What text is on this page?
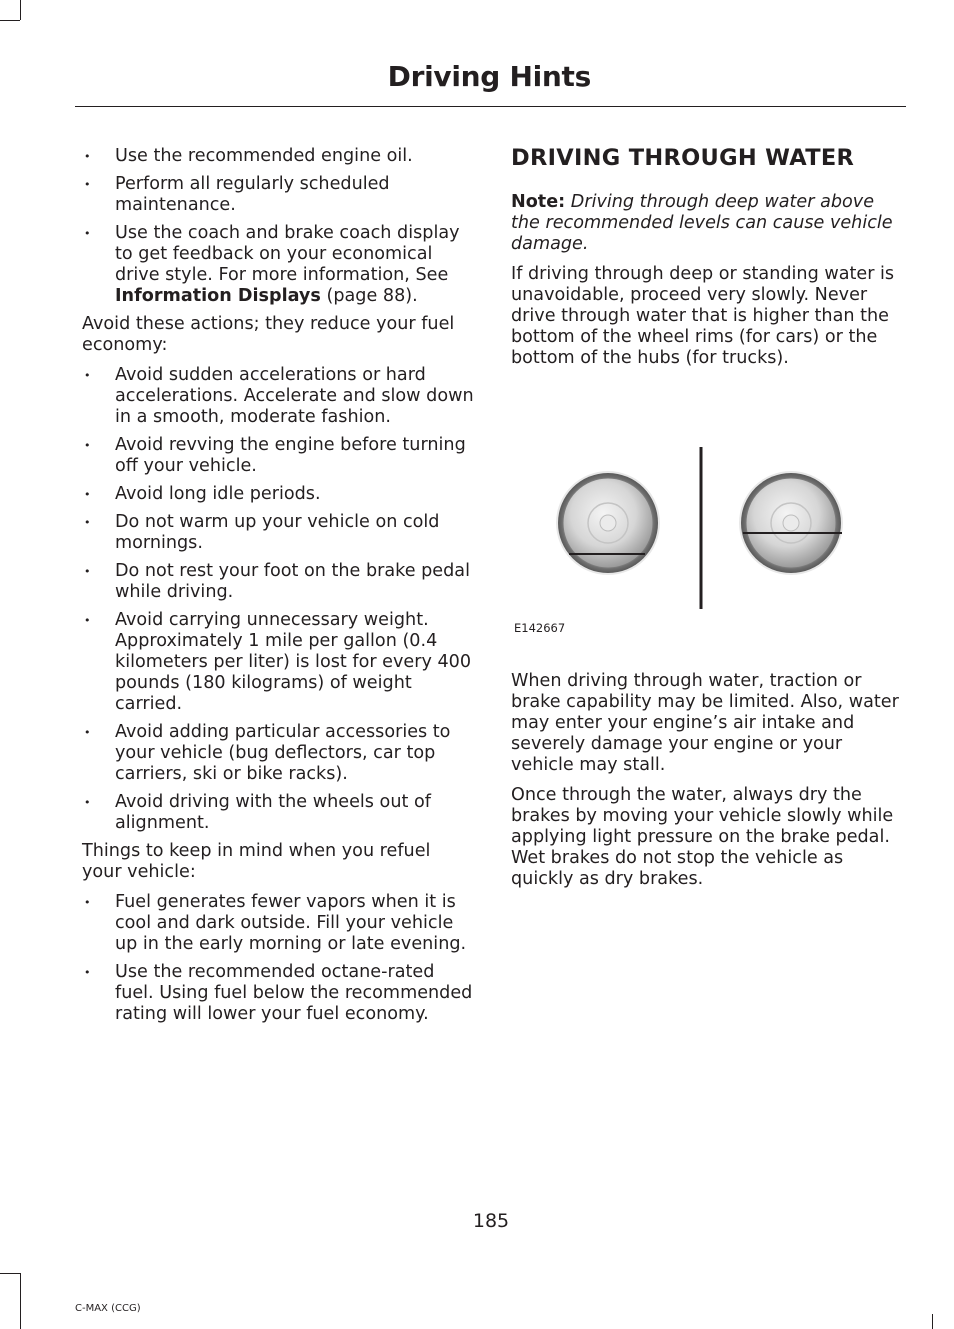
Driving Hints
• Use the recommended engine oil.
• Perform all regularly scheduled maintenance.
• Use the coach and brake coach display to get feedback on your economical drive style. For more information, See Information Displays (page 88).

Avoid these actions; they reduce your fuel economy:

• Avoid sudden accelerations or hard accelerations. Accelerate and slow down in a smooth, moderate fashion.
• Avoid revving the engine before turning off your vehicle.
• Avoid long idle periods.
• Do not warm up your vehicle on cold mornings.
• Do not rest your foot on the brake pedal while driving.
• Avoid carrying unnecessary weight. Approximately 1 mile per gallon (0.4 kilometers per liter) is lost for every 400 pounds (180 kilograms) of weight carried.
• Avoid adding particular accessories to your vehicle (bug deflectors, car top carriers, ski or bike racks).
• Avoid driving with the wheels out of alignment.

Things to keep in mind when you refuel your vehicle:

• Fuel generates fewer vapors when it is cool and dark outside. Fill your vehicle up in the early morning or late evening.
• Use the recommended octane-rated fuel. Using fuel below the recommended rating will lower your fuel economy.
DRIVING THROUGH WATER

Note: Driving through deep water above the recommended levels can cause vehicle damage.

If driving through deep or standing water is unavoidable, proceed very slowly. Never drive through water that is higher than the bottom of the wheel rims (for cars) or the bottom of the hubs (for trucks).

E142667

When driving through water, traction or brake capability may be limited. Also, water may enter your engine’s air intake and severely damage your engine or your vehicle may stall.

Once through the water, always dry the brakes by moving your vehicle slowly while applying light pressure on the brake pedal. Wet brakes do not stop the vehicle as quickly as dry brakes.

185
C-MAX (CCG)
